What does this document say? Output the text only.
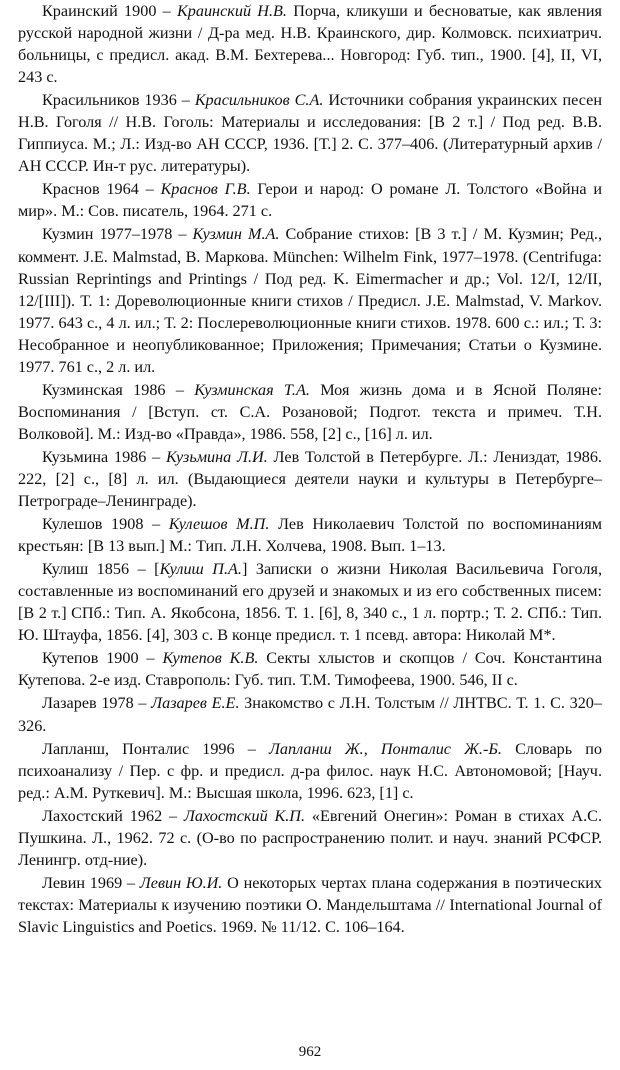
Краинский 1900 – Краинский Н.В. Порча, кликуши и бесноватые, как явления русской народной жизни / Д-ра мед. Н.В. Краинского, дир. Колмовск. психиатрич. больницы, с предисл. акад. В.М. Бехтерева... Новгород: Губ. тип., 1900. [4], II, VI, 243 с.

Красильников 1936 – Красильников С.А. Источники собрания украинских песен Н.В. Гоголя // Н.В. Гоголь: Материалы и исследования: [В 2 т.] / Под ред. В.В. Гиппиуса. М.; Л.: Изд-во АН СССР, 1936. [Т.] 2. С. 377–406. (Литературный архив / АН СССР. Ин-т рус. литературы).

Краснов 1964 – Краснов Г.В. Герои и народ: О романе Л. Толстого «Война и мир». М.: Сов. писатель, 1964. 271 с.

Кузмин 1977–1978 – Кузмин М.А. Собрание стихов: [В 3 т.] / М. Кузмин; Ред., коммент. J.E. Malmstad, В. Маркова. München: Wilhelm Fink, 1977–1978. (Centrifuga: Russian Reprintings and Printings / Под ред. K. Eimermacher и др.; Vol. 12/I, 12/II, 12/[III]). Т. 1: Дореволюционные книги стихов / Предисл. J.E. Malmstad, V. Markov. 1977. 643 с., 4 л. ил.; Т. 2: Послереволюционные книги стихов. 1978. 600 с.: ил.; Т. 3: Несобранное и неопубликованное; Приложения; Примечания; Статьи о Кузмине. 1977. 761 с., 2 л. ил.

Кузминская 1986 – Кузминская Т.А. Моя жизнь дома и в Ясной Поляне: Воспоминания / [Вступ. ст. С.А. Розановой; Подгот. текста и примеч. Т.Н. Волковой]. М.: Изд-во «Правда», 1986. 558, [2] с., [16] л. ил.

Кузьмина 1986 – Кузьмина Л.И. Лев Толстой в Петербурге. Л.: Лениздат, 1986. 222, [2] с., [8] л. ил. (Выдающиеся деятели науки и культуры в Петербурге–Петрограде–Ленинграде).

Кулешов 1908 – Кулешов М.П. Лев Николаевич Толстой по воспоминаниям крестьян: [В 13 вып.] М.: Тип. Л.Н. Холчева, 1908. Вып. 1–13.

Кулиш 1856 – [Кулиш П.А.] Записки о жизни Николая Васильевича Гоголя, составленные из воспоминаний его друзей и знакомых и из его собственных писем: [В 2 т.] СПб.: Тип. А. Якобсона, 1856. Т. 1. [6], 8, 340 с., 1 л. портр.; Т. 2. СПб.: Тип. Ю. Штауфа, 1856. [4], 303 с. В конце предисл. т. 1 псевд. автора: Николай М*.

Кутепов 1900 – Кутепов К.В. Секты хлыстов и скопцов / Соч. Константина Кутепова. 2-е изд. Ставрополь: Губ. тип. Т.М. Тимофеева, 1900. 546, II с.

Лазарев 1978 – Лазарев Е.Е. Знакомство с Л.Н. Толстым // ЛНТВС. Т. 1. С. 320–326.

Лапланш, Понталис 1996 – Лапланш Ж., Понталис Ж.-Б. Словарь по психоанализу / Пер. с фр. и предисл. д-ра филос. наук Н.С. Автономовой; [Науч. ред.: А.М. Руткевич]. М.: Высшая школа, 1996. 623, [1] с.

Лахостский 1962 – Лахостский К.П. «Евгений Онегин»: Роман в стихах А.С. Пушкина. Л., 1962. 72 с. (О-во по распространению полит. и науч. знаний РСФСР. Ленингр. отд-ние).

Левин 1969 – Левин Ю.И. О некоторых чертах плана содержания в поэтических текстах: Материалы к изучению поэтики О. Мандельштама // International Journal of Slavic Linguistics and Poetics. 1969. № 11/12. С. 106–164.

962
